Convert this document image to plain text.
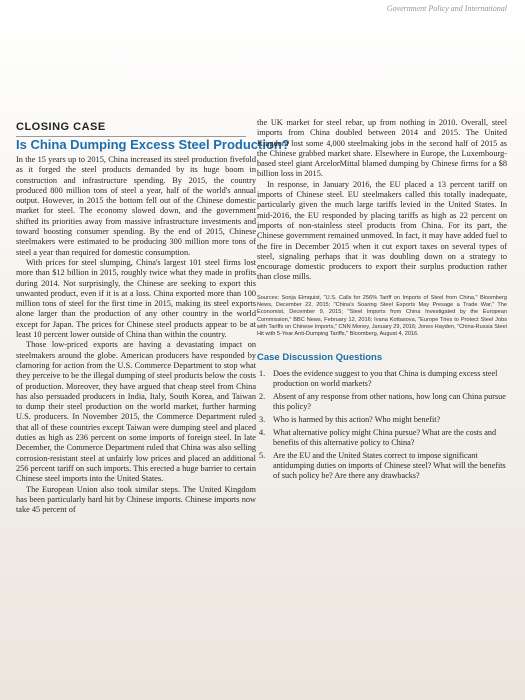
Government Policy and International
CLOSING CASE
Is China Dumping Excess Steel Production?

In the 15 years up to 2015, China increased its steel production fivefold as it forged the steel products demanded by its huge boom in construction and infrastructure spending. By 2015, the country produced 800 million tons of steel a year, half of the world's annual output. However, in 2015 the bottom fell out of the Chinese domestic market for steel. The economy slowed down, and the government shifted its priorities away from massive infrastructure investments and toward boosting consumer spending. By the end of 2015, Chinese steelmakers were estimated to be producing 300 million more tons of steel a year than required for domestic consumption.

With prices for steel slumping, China's largest 101 steel firms lost more than $12 billion in 2015, roughly twice what they made in profits during 2014. Not surprisingly, the Chinese are seeking to export this unwanted product, even if it is at a loss. China exported more than 100 million tons of steel for the first time in 2015, making its steel exports alone larger than the production of any other country in the world except for Japan. The prices for Chinese steel products appear to be at least 10 percent lower outside of China than within the country.

Those low-priced exports are having a devastating impact on steelmakers around the globe. American producers have responded by clamoring for action from the U.S. Commerce Department to stop what they perceive to be the illegal dumping of steel products below the costs of production. Moreover, they have argued that cheap steel from China has also persuaded producers in India, Italy, South Korea, and Taiwan to dump their steel production on the world market, further harming U.S. producers. In November 2015, the Commerce Department ruled that all of these countries except Taiwan were dumping steel and placed duties as high as 236 percent on some imports of foreign steel. In late December, the Commerce Department ruled that China was also selling corrosion-resistant steel at unfairly low prices and placed an additional 256 percent tariff on such imports. This erected a huge barrier to certain Chinese steel imports into the United States.

The European Union also took similar steps. The United Kingdom has been particularly hard hit by Chinese imports. Chinese imports now take 45 percent of

the UK market for steel rebar, up from nothing in 2010. Overall, steel imports from China doubled between 2014 and 2015. The United Kingdom lost some 4,000 steelmaking jobs in the second half of 2015 as the Chinese grabbed market share. Elsewhere in Europe, the Luxembourg-based steel giant ArcelorMittal blamed dumping by Chinese firms for a $8 billion loss in 2015.

In response, in January 2016, the EU placed a 13 percent tariff on imports of Chinese steel. EU steelmakers called this totally inadequate, particularly given the much large tariffs levied in the United States. In mid-2016, the EU responded by placing tariffs as high as 22 percent on imports of non-stainless steel products from China. For its part, the Chinese government remained unmoved. In fact, it may have added fuel to the fire in December 2015 when it cut export taxes on several types of steel, signaling perhaps that it was doubling down on a strategy to encourage domestic producers to export their surplus production rather than close mills.

Sources: Sonja Elmquist, "U.S. Calls for 256% Tariff on Imports of Steel from China," Bloomberg News, December 22, 2015; "China's Soaring Steel Exports May Presage a Trade War," The Economist, December 9, 2015; "Steel Imports from China Investigated by the European Commission," BBC News, February 12, 2016; Ivana Kottasova, "Europe Tries to Protect Steel Jobs with Tariffs on Chinese Imports," CNN Money, January 29, 2016; Jones Hayden, "China-Russia Steel Hit with 5-Year Anti-Dumping Tariffs," Bloomberg, August 4, 2016.
Case Discussion Questions
1. Does the evidence suggest to you that China is dumping excess steel production on world markets?
2. Absent of any response from other nations, how long can China pursue this policy?
3. Who is harmed by this action? Who might benefit?
4. What alternative policy might China pursue? What are the costs and benefits of this alternative policy to China?
5. Are the EU and the United States correct to impose significant antidumping duties on imports of Chinese steel? What will the benefits of such policy be? Are there any drawbacks?
